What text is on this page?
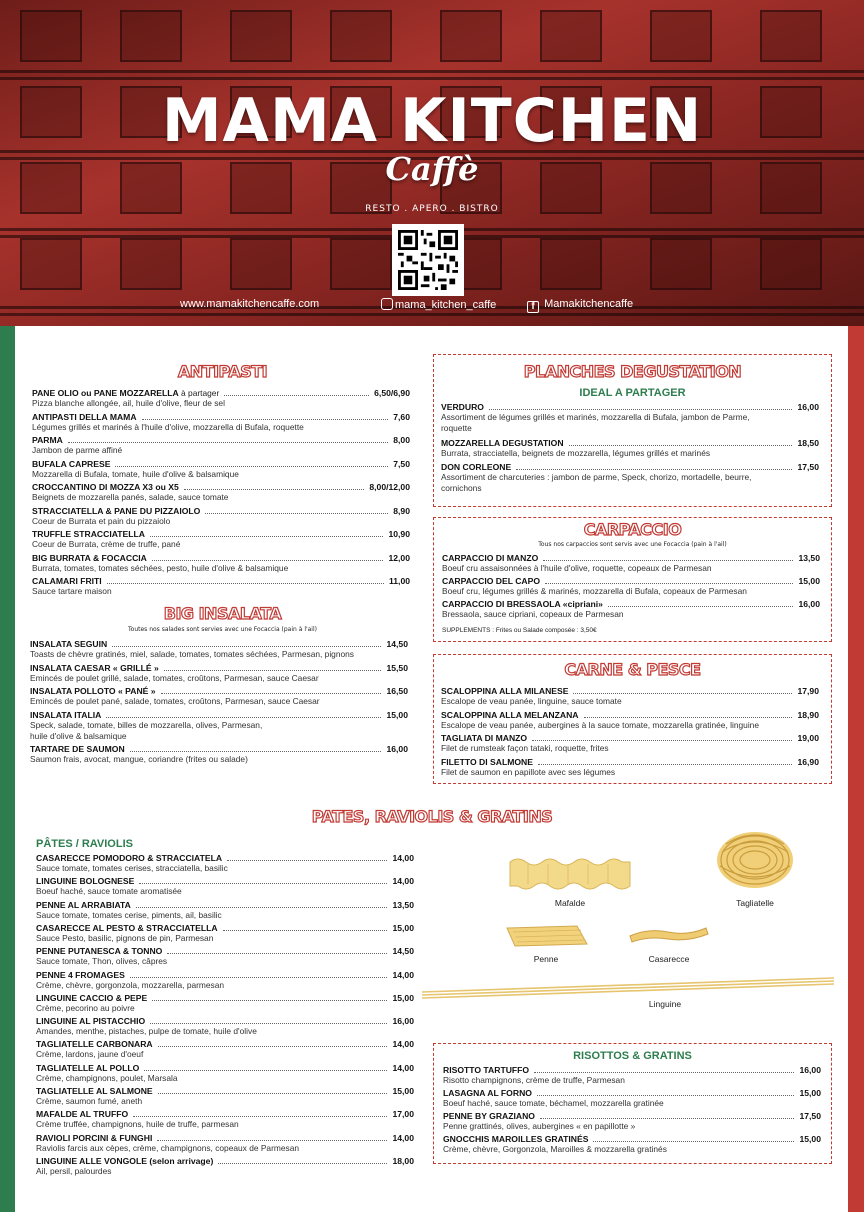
MAMA KITCHEN
Caffè
RESTO . APERO . BISTRO
www.mamakitchencaffe.com	mama_kitchen_caffe	f Mamakitchencaffe
ANTIPASTI
PANE OLIO ou PANE MOZZARELLA à partager	6,50/6,90
Pizza blanche allongée, ail, huile d'olive, fleur de sel
ANTIPASTI DELLA MAMA	7,60
Légumes grillés et marinés à l'huile d'olive, mozzarella di Bufala, roquette
PARMA	8,00
Jambon de parme affiné
BUFALA CAPRESE	7,50
Mozzarella di Bufala, tomate, huile d'olive & balsamique
CROCCANTINO DI MOZZA X3 ou X5	8,00/12,00
Beignets de mozzarella panés, salade, sauce tomate
STRACCIATELLA & PANE DU PIZZAIOLO	8,90
Coeur de Burrata et pain du pizzaiolo
TRUFFLE STRACCIATELLA	10,90
Coeur de Burrata, crème de truffe, pané
BIG BURRATA & FOCACCIA	12,00
Burrata, tomates, tomates séchées, pesto, huile d'olive & balsamique
CALAMARI FRITI	11,00
Sauce tartare maison
BIG INSALATA
Toutes nos salades sont servies avec une Focaccia (pain à l'ail)
INSALATA SEGUIN	14,50
Toasts de chèvre gratinés, miel, salade, tomates, tomates séchées, Parmesan, pignons
INSALATA CAESAR « GRILLÉ »	15,50
Emincés de poulet grillé, salade, tomates, croûtons, Parmesan, sauce Caesar
INSALATA POLLOTO « PANÉ »	16,50
Emincés de poulet pané, salade, tomates, croûtons, Parmesan, sauce Caesar
INSALATA ITALIA	15,00
Speck, salade, tomate, billes de mozzarella, olives, Parmesan,
huile d'olive & balsamique
TARTARE DE SAUMON	16,00
Saumon frais, avocat, mangue, coriandre (frites ou salade)
PLANCHES DEGUSTATION
IDEAL A PARTAGER
VERDURO	16,00
Assortiment de légumes grillés et marinés, mozzarella di Bufala, jambon de Parme,
roquette
MOZZARELLA DEGUSTATION	18,50
Burrata, stracciatella, beignets de mozzarella, légumes grillés et marinés
DON CORLEONE	17,50
Assortiment de charcuteries : jambon de parme, Speck, chorizo, mortadelle, beurre,
cornichons
CARPACCIO
Tous nos carpaccios sont servis avec une Focaccia (pain à l'ail)
CARPACCIO DI MANZO	13,50
Boeuf cru assaisonnées à l'huile d'olive, roquette, copeaux de Parmesan
CARPACCIO DEL CAPO	15,00
Boeuf cru, légumes grillés & marinés, mozzarella di Bufala, copeaux de Parmesan
CARPACCIO DI BRESSAOLA «cipriani»	16,00
Bressaola, sauce cipriani, copeaux de Parmesan
SUPPLEMENTS : Frites ou Salade composée : 3,50€
CARNE & PESCE
SCALOPPINA ALLA MILANESE	17,90
Escalope de veau panée, linguine, sauce tomate
SCALOPPINA ALLA MELANZANA	18,90
Escalope de veau panée, aubergines à la sauce tomate, mozzarella gratinée, linguine
TAGLIATA DI MANZO	19,00
Filet de rumsteak façon tataki, roquette, frites
FILETTO DI SALMONE	16,90
Filet de saumon en papillote avec ses légumes
PATES, RAVIOLIS & GRATINS
PÂTES / RAVIOLIS
CASARECCE POMODORO & STRACCIATELA	14,00
Sauce tomate, tomates cerises, stracciatella, basilic
LINGUINE BOLOGNESE	14,00
Boeuf haché, sauce tomate aromatisée
PENNE AL ARRABIATA	13,50
Sauce tomate, tomates cerise, piments, ail, basilic
CASARECCE AL PESTO & STRACCIATELLA	15,00
Sauce Pesto, basilic, pignons de pin, Parmesan
PENNE PUTANESCA & TONNO	14,50
Sauce tomate, Thon, olives, câpres
PENNE 4 FROMAGES	14,00
Crème, chèvre, gorgonzola, mozzarella, parmesan
LINGUINE CACCIO & PEPE	15,00
Crème, pecorino au poivre
LINGUINE AL PISTACCHIO	16,00
Amandes, menthe, pistaches, pulpe de tomate, huile d'olive
TAGLIATELLE CARBONARA	14,00
Crème, lardons, jaune d'oeuf
TAGLIATELLE AL POLLO	14,00
Crème, champignons, poulet, Marsala
TAGLIATELLE AL SALMONE	15,00
Crème, saumon fumé, aneth
MAFALDE AL TRUFFO	17,00
Crème truffée, champignons, huile de truffe, parmesan
RAVIOLI PORCINI & FUNGHI	14,00
Raviolis farcis aux cèpes, crème, champignons, copeaux de Parmesan
LINGUINE ALLE VONGOLE (selon arrivage)	18,00
Ail, persil, palourdes
Mafalde	Tagliatelle
Penne	Casarecce
Linguine
RISOTTOS & GRATINS
RISOTTO TARTUFFO	16,00
Risotto champignons, crème de truffe, Parmesan
LASAGNA AL FORNO	15,00
Boeuf haché, sauce tomate, béchamel, mozzarella gratinée
PENNE BY GRAZIANO	17,50
Penne grattinés, olives, aubergines « en papillotte »
GNOCCHIS MAROILLES GRATINÉS	15,00
Crème, chèvre, Gorgonzola, Maroilles & mozzarella gratinés
